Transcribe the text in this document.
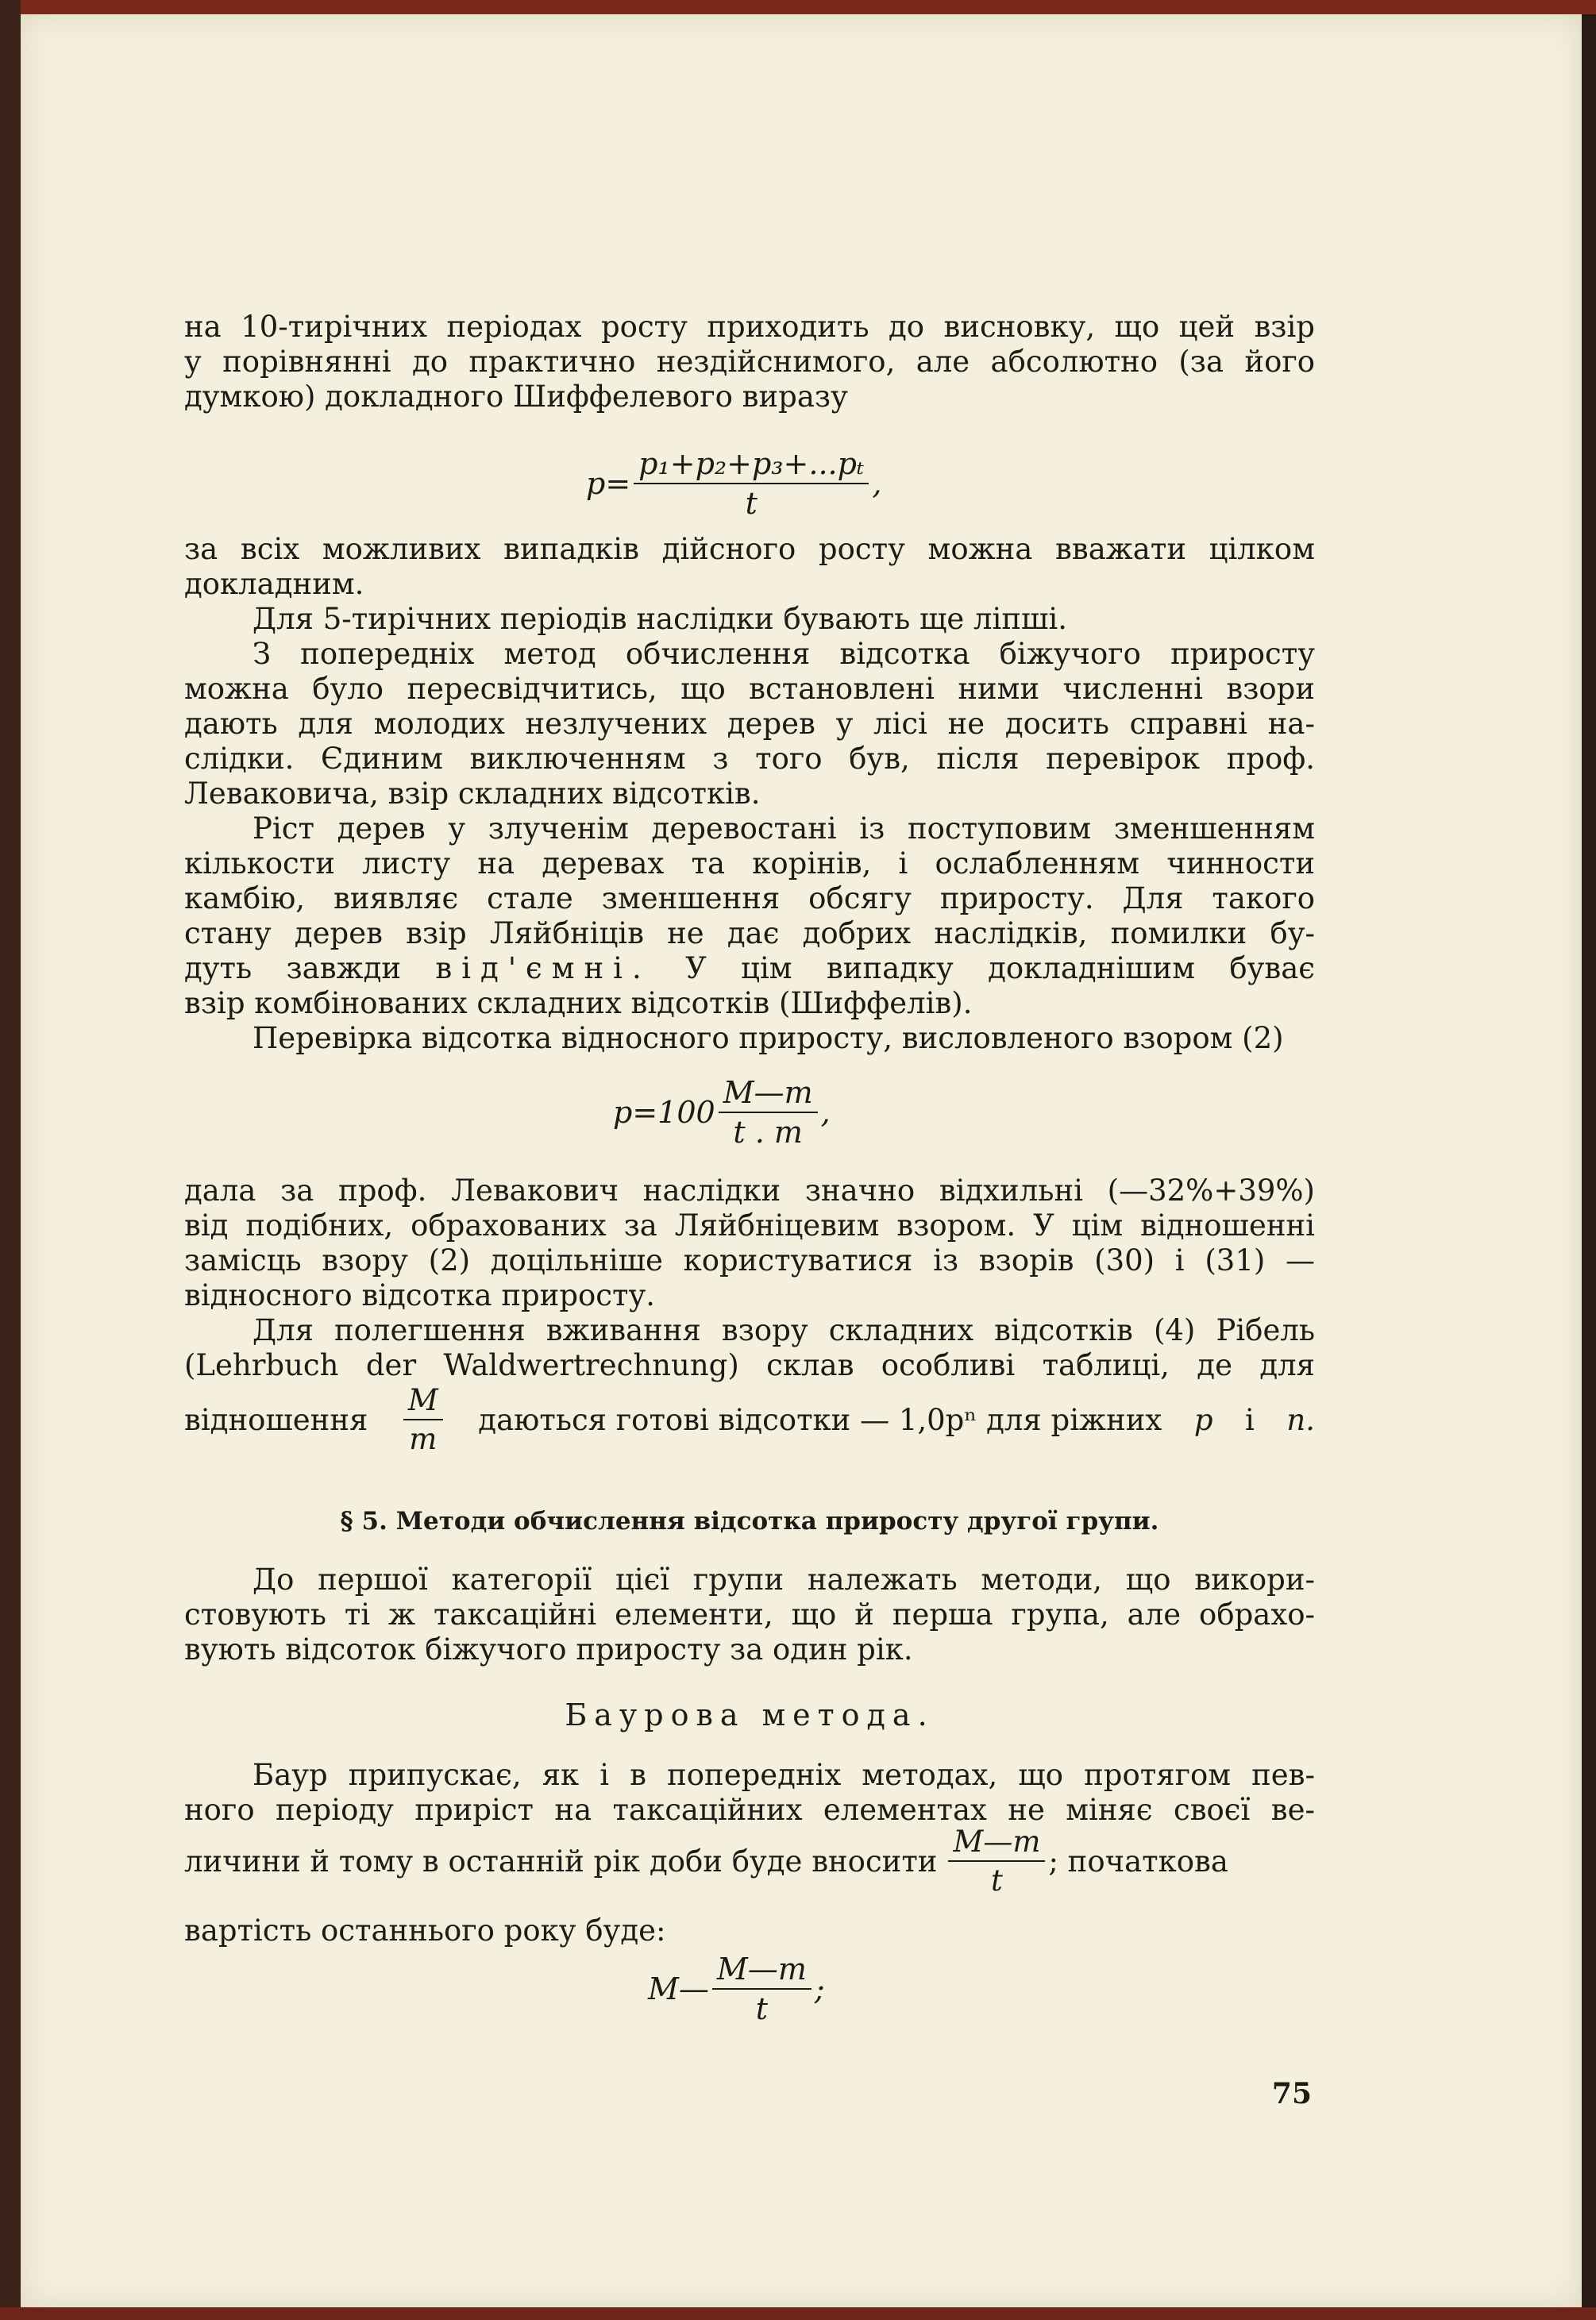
на 10-тирічних періодах росту приходить до висновку, що цей взір
у порівнянні до практично нездійснимого, але абсолютно (за його
думкою) докладного Шиффелевого виразу
$p= \frac{\text{p₁+p₂+p₃+...pₜ}}{t}$ ,
за всіх можливих випадків дійсного росту можна вважати цілком
докладним.
Для 5-тирічних періодів наслідки бувають ще ліпші.
З попередніх метод обчислення відсотка біжучого приросту
можна було пересвідчитись, що встановлені ними численні взори
дають для молодих незлучених дерев у лісі не досить справні на-
слідки. Єдиним виключенням з того був, після перевірок проф.
Леваковича, взір складних відсотків.
Ріст дерев у злученім деревостані із поступовим зменшенням
кількости листу на деревах та корінів, і ослабленням чинности
камбію, виявляє стале зменшення обсягу приросту. Для такого
стану дерев взір Ляйбніців не дає добрих наслідків, помилки бу-
дуть завжди від'ємні. У цім випадку докладнішим буває
взір комбінованих складних відсотків (Шиффелів).
Перевірка відсотка відносного приросту, висловленого взором (2)
$p=100 \frac{M—m}{t . m}$ ,
дала за проф. Левакович наслідки значно відхильні (—32%+39%)
від подібних, обрахованих за Ляйбніцевим взором. У цім відношенні
замісць взору (2) доцільніше користуватися із взорів (30) і (31) —
відносного відсотка приросту.
Для полегшення вживання взору складних відсотків (4) Рібель
(Lehrbuch der Waldwertrechnung) склав особливі таблиці, де для
відношення $\frac{M}{m}$ даються готові відсотки — 1,0pⁿ для ріжних p і n.
§ 5. Методи обчислення відсотка приросту другої групи.
До першої категорії цієї групи належать методи, що викори-
стовують ті ж таксаційні елементи, що й перша група, але обрахо-
вують відсоток біжучого приросту за один рік.
Баурова метода.
Баур припускає, як і в попередніх методах, що протягом пев-
ного періоду приріст на таксаційних елементах не міняє своєї ве-
личини й тому в останній рік доби буде вносити $\frac{M—m}{t}$ ; початкова
вартість останнього року буде:
M— $\frac{M—m}{t}$ ;
75
